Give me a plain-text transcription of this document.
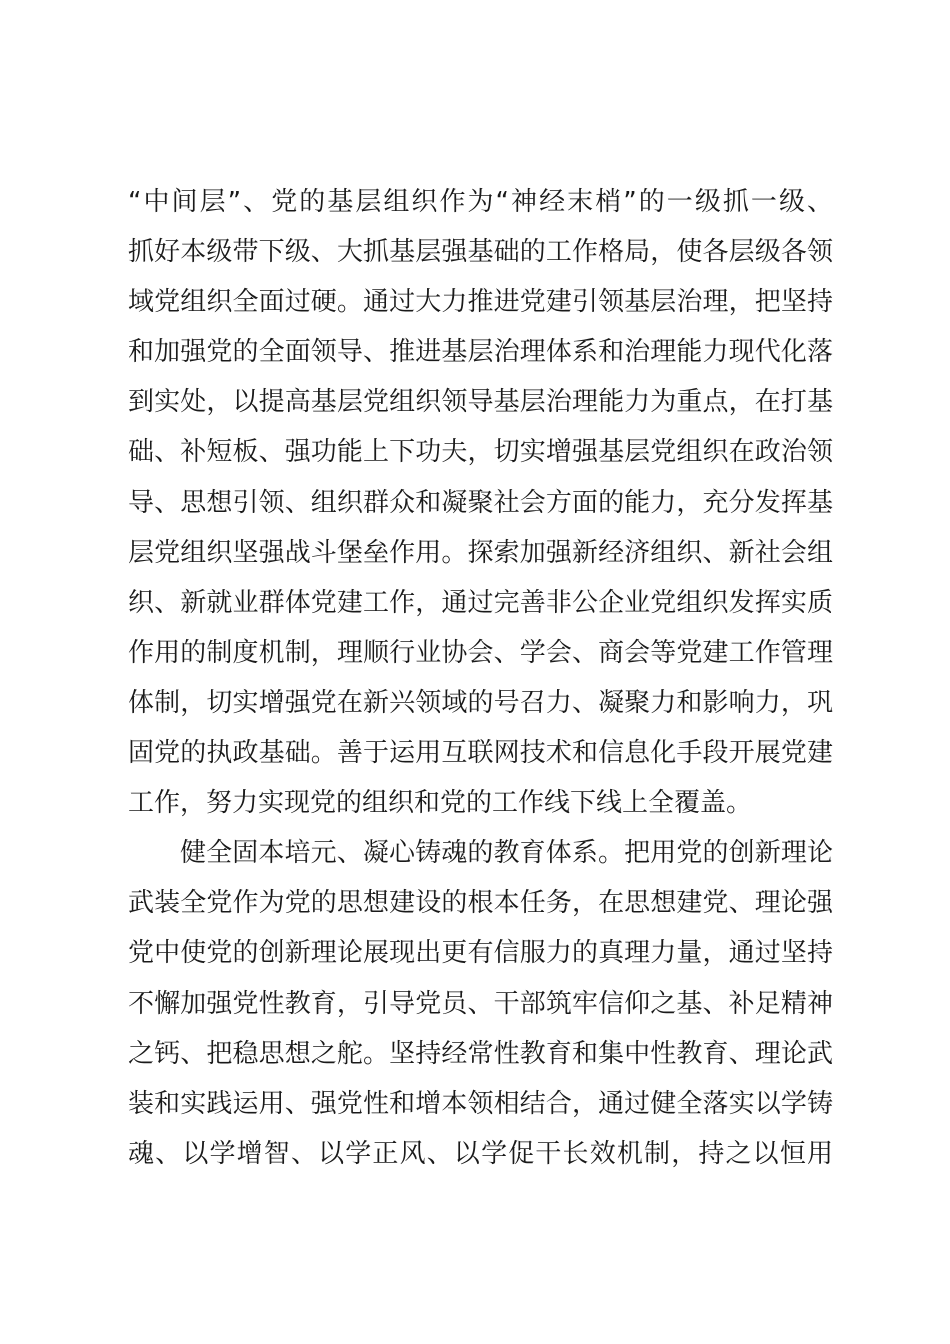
“中间层”、党的基层组织作为“神经末梢”的一级抓一级、
抓好本级带下级、大抓基层强基础的工作格局，使各层级各领
域党组织全面过硬。通过大力推进党建引领基层治理，把坚持
和加强党的全面领导、推进基层治理体系和治理能力现代化落
到实处，以提高基层党组织领导基层治理能力为重点，在打基
础、补短板、强功能上下功夫，切实增强基层党组织在政治领
导、思想引领、组织群众和凝聚社会方面的能力，充分发挥基
层党组织坚强战斗堡垒作用。探索加强新经济组织、新社会组
织、新就业群体党建工作，通过完善非公企业党组织发挥实质
作用的制度机制，理顺行业协会、学会、商会等党建工作管理
体制，切实增强党在新兴领域的号召力、凝聚力和影响力，巩
固党的执政基础。善于运用互联网技术和信息化手段开展党建
工作，努力实现党的组织和党的工作线下线上全覆盖。
健全固本培元、凝心铸魂的教育体系。把用党的创新理论
武装全党作为党的思想建设的根本任务，在思想建党、理论强
党中使党的创新理论展现出更有信服力的真理力量，通过坚持
不懈加强党性教育，引导党员、干部筑牢信仰之基、补足精神
之钙、把稳思想之舵。坚持经常性教育和集中性教育、理论武
装和实践运用、强党性和增本领相结合，通过健全落实以学铸
魂、以学增智、以学正风、以学促干长效机制，持之以恒用
